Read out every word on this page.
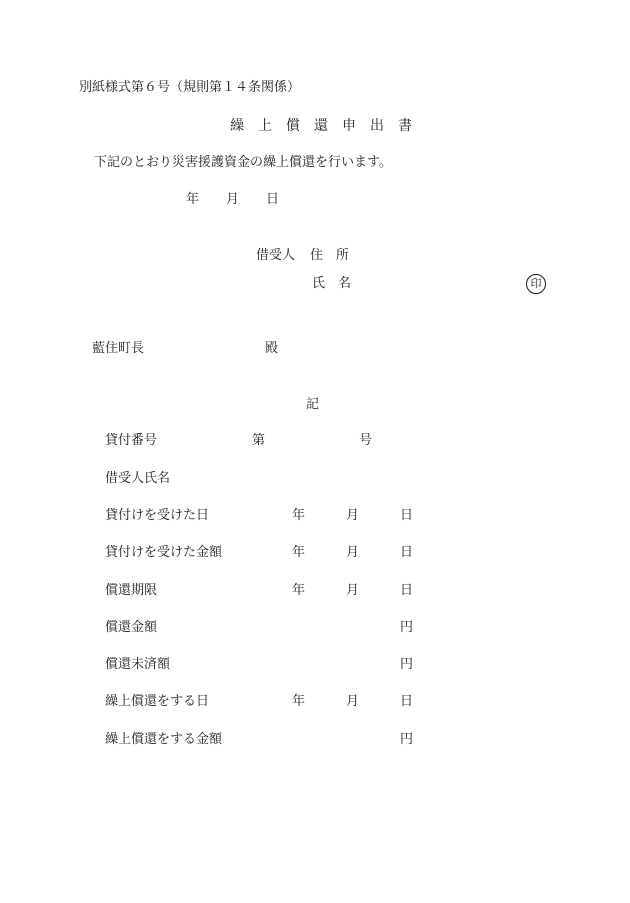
別紙様式第６号（規則第１４条関係）
繰　上　償　還　申　出　書
下記のとおり災害援護資金の繰上償還を行います。
年 月 日
借受人 住　所
氏　名	印
藍住町長	殿
記
貸付番号	第	号
借受人氏名
貸付けを受けた日	年	月	日
貸付けを受けた金額	年	月	日
償還期限	年	月	日
償還金額	円
償還未済額	円
繰上償還をする日	年	月	日
繰上償還をする金額	円
